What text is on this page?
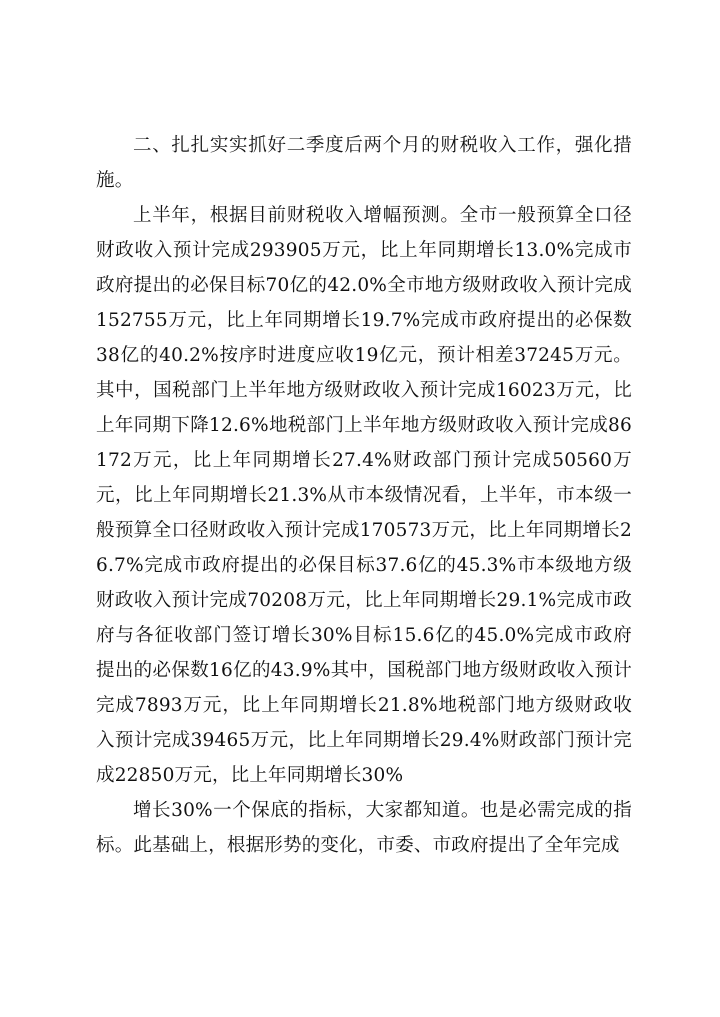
二、扎扎实实抓好二季度后两个月的财税收入工作，强化措施。

上半年，根据目前财税收入增幅预测。全市一般预算全口径财政收入预计完成293905万元，比上年同期增长13.0%完成市政府提出的必保目标70亿的42.0%全市地方级财政收入预计完成152755万元，比上年同期增长19.7%完成市政府提出的必保数38亿的40.2%按序时进度应收19亿元，预计相差37245万元。其中，国税部门上半年地方级财政收入预计完成16023万元，比上年同期下降12.6%地税部门上半年地方级财政收入预计完成86172万元，比上年同期增长27.4%财政部门预计完成50560万元，比上年同期增长21.3%从市本级情况看，上半年，市本级一般预算全口径财政收入预计完成170573万元，比上年同期增长26.7%完成市政府提出的必保目标37.6亿的45.3%市本级地方级财政收入预计完成70208万元，比上年同期增长29.1%完成市政府与各征收部门签订增长30%目标15.6亿的45.0%完成市政府提出的必保数16亿的43.9%其中，国税部门地方级财政收入预计完成7893万元，比上年同期增长21.8%地税部门地方级财政收入预计完成39465万元，比上年同期增长29.4%财政部门预计完成22850万元，比上年同期增长30%

增长30%一个保底的指标，大家都知道。也是必需完成的指标。此基础上，根据形势的变化，市委、市政府提出了全年完成
